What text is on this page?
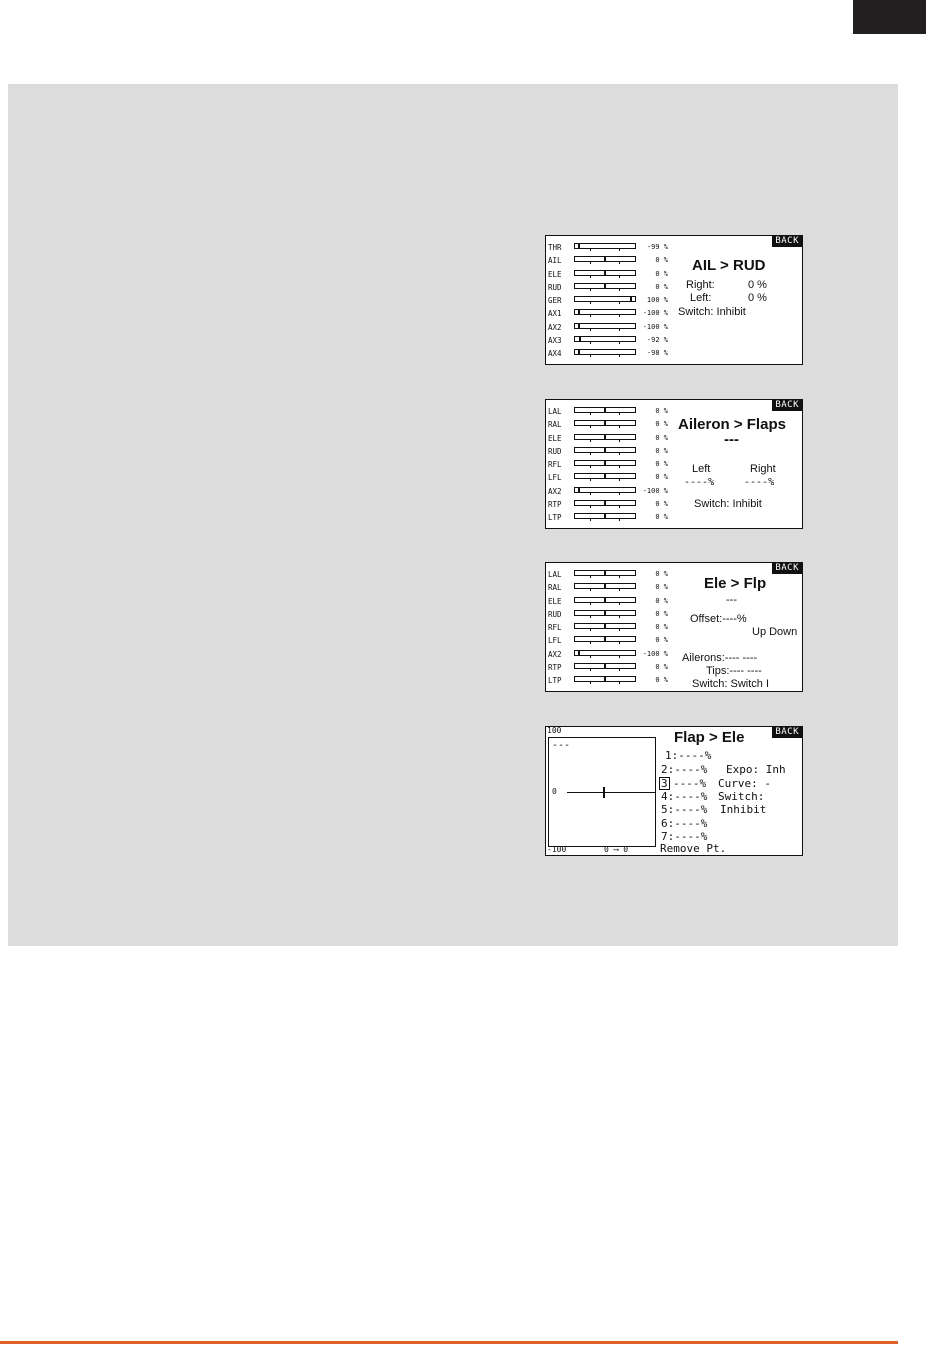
BACK
THR	-99 %
AIL	0 %
ELE	0 %
RUD	0 %
GER	100 %
AX1	-100 %
AX2	-100 %
AX3	-92 %
AX4	-98 %
AIL > RUD
Right:	0 %
Left:	0 %
Switch: Inhibit
BACK
LAL	0 %
RAL	0 %
ELE	0 %
RUD	0 %
RFL	0 %
LFL	0 %
AX2	-100 %
RTP	0 %
LTP	0 %
Aileron > Flaps
---
Left	Right
----%	----%
Switch: Inhibit
BACK
LAL	0 %
RAL	0 %
ELE	0 %
RUD	0 %
RFL	0 %
LFL	0 %
AX2	-100 %
RTP	0 %
LTP	0 %
Ele > Flp
---
Offset:----%
Up Down
Ailerons:---- ----
Tips:---- ----
Switch: Switch I
BACK
100
---
0
-100	0 ⟶ 0
Flap > Ele
1:----%
2:----%
3 ----%
4:----%
5:----%
6:----%
7:----%
Expo: Inh
Curve: -
Switch:
Inhibit
Remove Pt.
